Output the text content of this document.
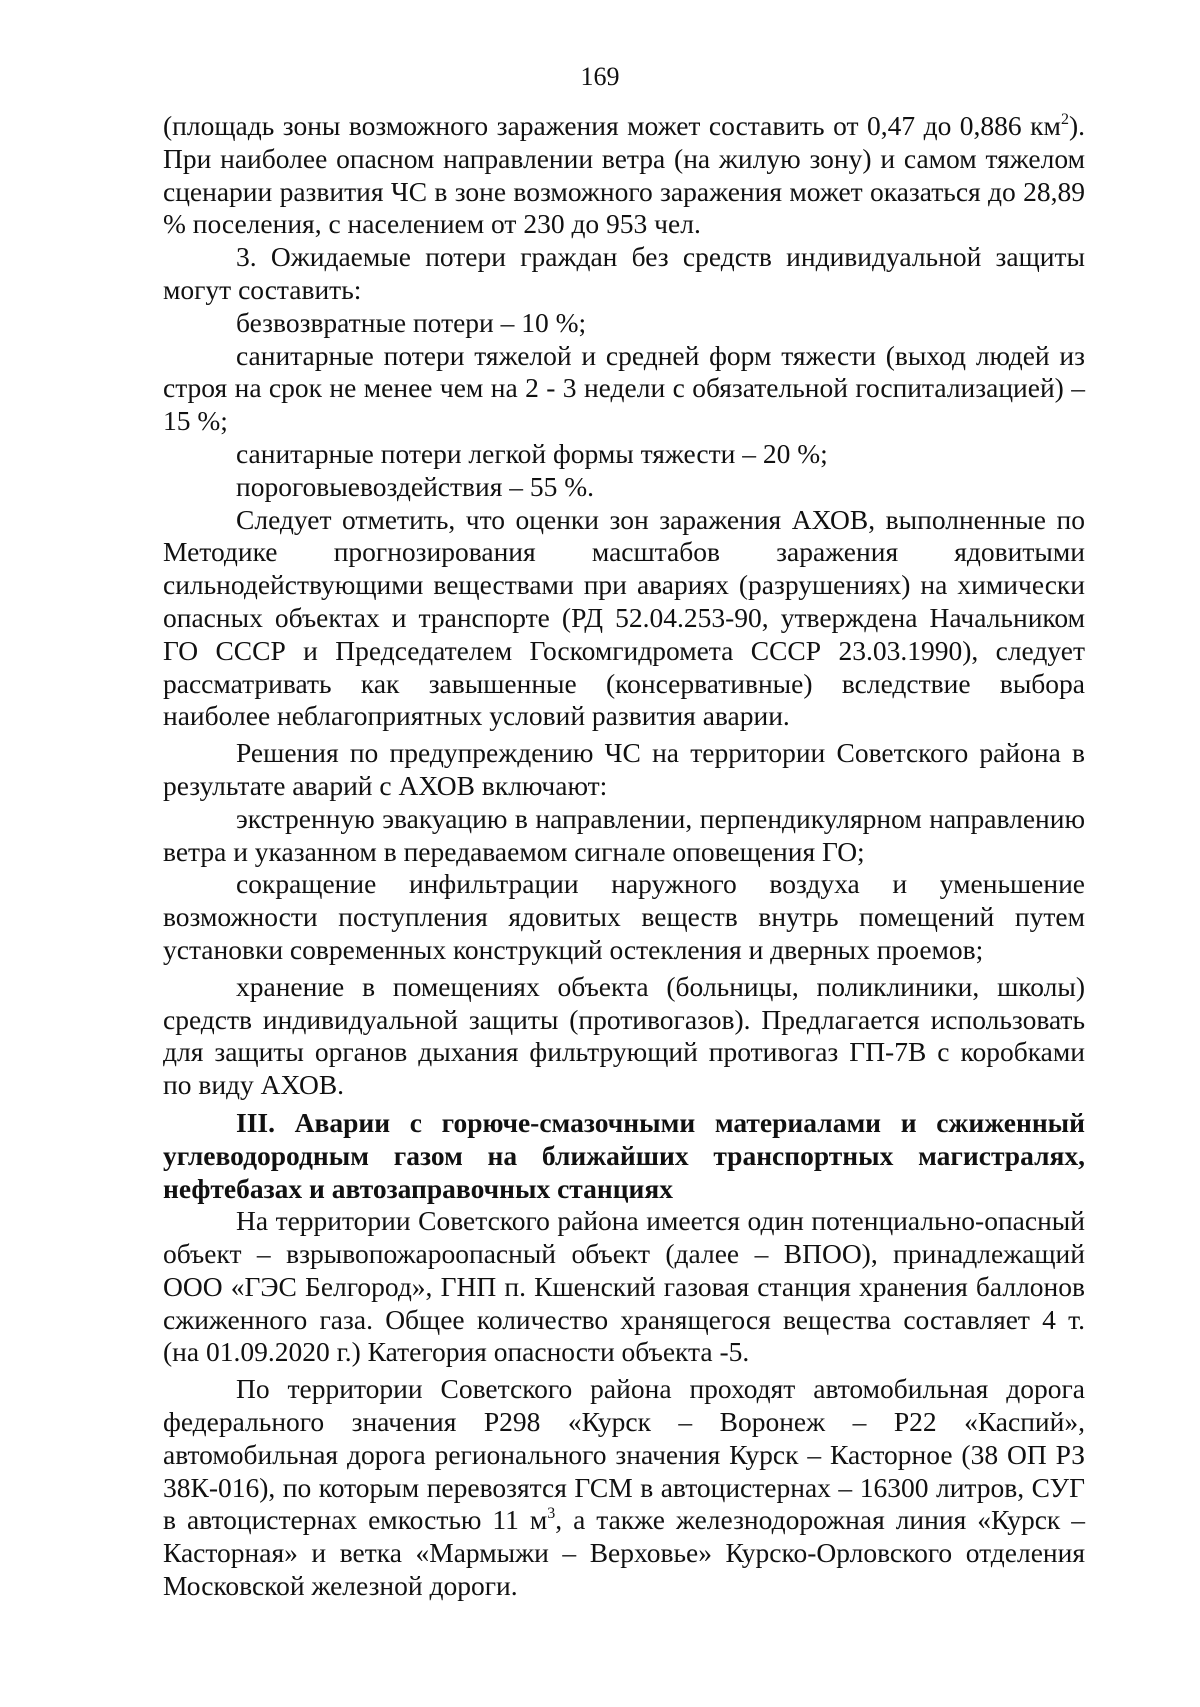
169

(площадь зоны возможного заражения может составить от 0,47 до 0,886 $км^2$). При наиболее опасном направлении ветра (на жилую зону) и самом тяжелом сценарии развития ЧС в зоне возможного заражения может оказаться до 28,89 % поселения, с населением от 230 до 953 чел.

3. Ожидаемые потери граждан без средств индивидуальной защиты могут составить:

безвозвратные потери – 10 %;

санитарные потери тяжелой и средней форм тяжести (выход людей из строя на срок не менее чем на 2 - 3 недели с обязательной госпитализацией) – 15 %;

санитарные потери легкой формы тяжести – 20 %;

пороговыевоздействия – 55 %.

Следует отметить, что оценки зон заражения АХОВ, выполненные по Методике прогнозирования масштабов заражения ядовитыми сильнодействующими веществами при авариях (разрушениях) на химически опасных объектах и транспорте (РД 52.04.253-90, утверждена Начальником ГО СССР и Председателем Госкомгидромета СССР 23.03.1990), следует рассматривать как завышенные (консервативные) вследствие выбора наиболее неблагоприятных условий развития аварии.

Решения по предупреждению ЧС на территории Советского района в результате аварий с АХОВ включают:

экстренную эвакуацию в направлении, перпендикулярном направлению ветра и указанном в передаваемом сигнале оповещения ГО;

сокращение инфильтрации наружного воздуха и уменьшение возможности поступления ядовитых веществ внутрь помещений путем установки современных конструкций остекления и дверных проемов;

хранение в помещениях объекта (больницы, поликлиники, школы) средств индивидуальной защиты (противогазов). Предлагается использовать для защиты органов дыхания фильтрующий противогаз ГП-7В с коробками по виду АХОВ.

III. Аварии с горюче-смазочными материалами и сжиженный углеводородным газом на ближайших транспортных магистралях, нефтебазах и автозаправочных станциях

На территории Советского района имеется один потенциально-опасный объект – взрывопожароопасный объект (далее – ВПОО), принадлежащий ООО «ГЭС Белгород», ГНП п. Кшенский газовая станция хранения баллонов сжиженного газа. Общее количество хранящегося вещества составляет 4 т. (на 01.09.2020 г.) Категория опасности объекта -5.

По территории Советского района проходят автомобильная дорога федерального значения Р298 «Курск – Воронеж – Р22 «Каспий», автомобильная дорога регионального значения Курск – Касторное (38 ОП РЗ 38К-016), по которым перевозятся ГСМ в автоцистернах – 16300 литров, СУГ в автоцистернах емкостью 11 $м^3$, а также железнодорожная линия «Курск – Касторная» и ветка «Мармыжи – Верховье» Курско-Орловского отделения Московской железной дороги.
